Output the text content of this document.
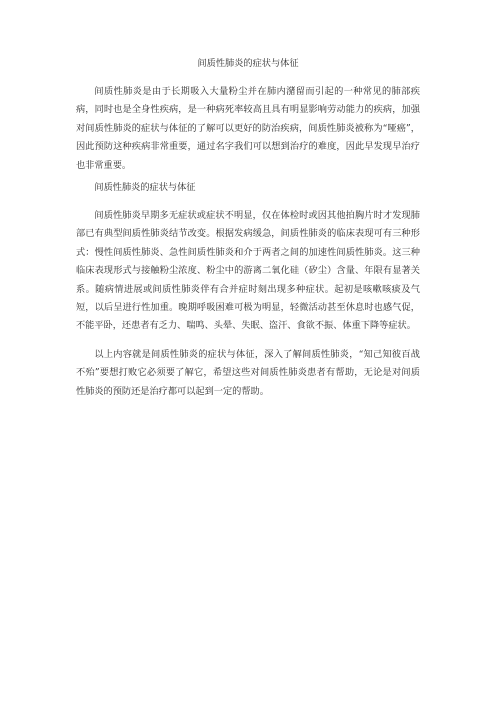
间质性肺炎的症状与体征

间质性肺炎是由于长期吸入大量粉尘并在肺内潴留而引起的一种常见的肺部疾病，同时也是全身性疾病，是一种病死率较高且具有明显影响劳动能力的疾病，加强对间质性肺炎的症状与体征的了解可以更好的防治疾病，间质性肺炎被称为“哑癌”，因此预防这种疾病非常重要，通过名字我们可以想到治疗的难度，因此早发现早治疗也非常重要。

间质性肺炎的症状与体征

间质性肺炎早期多无症状或症状不明显，仅在体检时或因其他拍胸片时才发现肺部已有典型间质性肺炎结节改变。根据发病缓急，间质性肺炎的临床表现可有三种形式：慢性间质性肺炎、急性间质性肺炎和介于两者之间的加速性间质性肺炎。这三种临床表现形式与接触粉尘浓度、粉尘中的游离二氧化硅（矽尘）含量、年限有显著关系。随病情进展或间质性肺炎伴有合并症时刻出现多种症状。起初是咳嗽咳痰及气短，以后呈进行性加重。晚期呼吸困难可极为明显，轻微活动甚至休息时也感气促，不能平卧，还患者有乏力、喘鸣、头晕、失眠、盗汗、食欲不振、体重下降等症状。

以上内容就是间质性肺炎的症状与体征，深入了解间质性肺炎，“知己知彼百战不殆”要想打败它必须要了解它，希望这些对间质性肺炎患者有帮助，无论是对间质性肺炎的预防还是治疗都可以起到一定的帮助。
